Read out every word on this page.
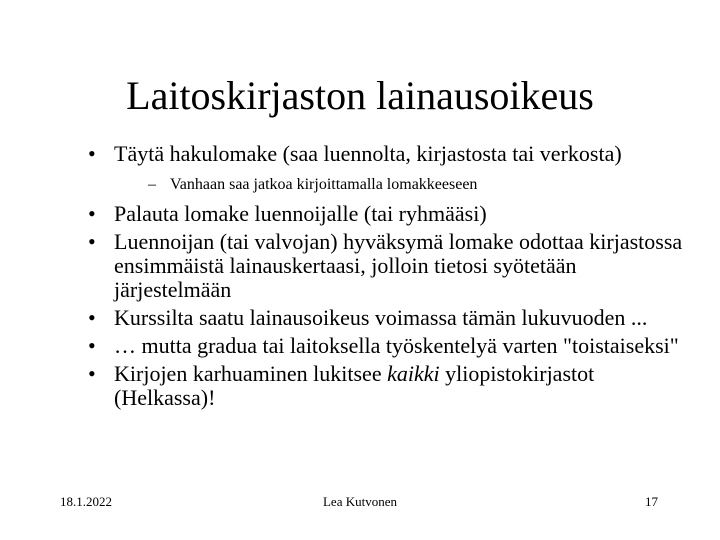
Laitoskirjaston lainausoikeus
• Täytä hakulomake (saa luennolta, kirjastosta tai verkosta)
– Vanhaan saa jatkoa kirjoittamalla lomakkeeseen
• Palauta lomake luennoijalle (tai ryhmääsi)
• Luennoijan (tai valvojan) hyväksymä lomake odottaa kirjastossa ensimmäistä lainauskertaasi, jolloin tietosi syötetään järjestelmään
• Kurssilta saatu lainausoikeus voimassa tämän lukuvuoden ...
• … mutta gradua tai laitoksella työskentelyä varten "toistaiseksi"
• Kirjojen karhuaminen lukitsee kaikki yliopistokirjastot (Helkassa)!
18.1.2022	Lea Kutvonen	17
